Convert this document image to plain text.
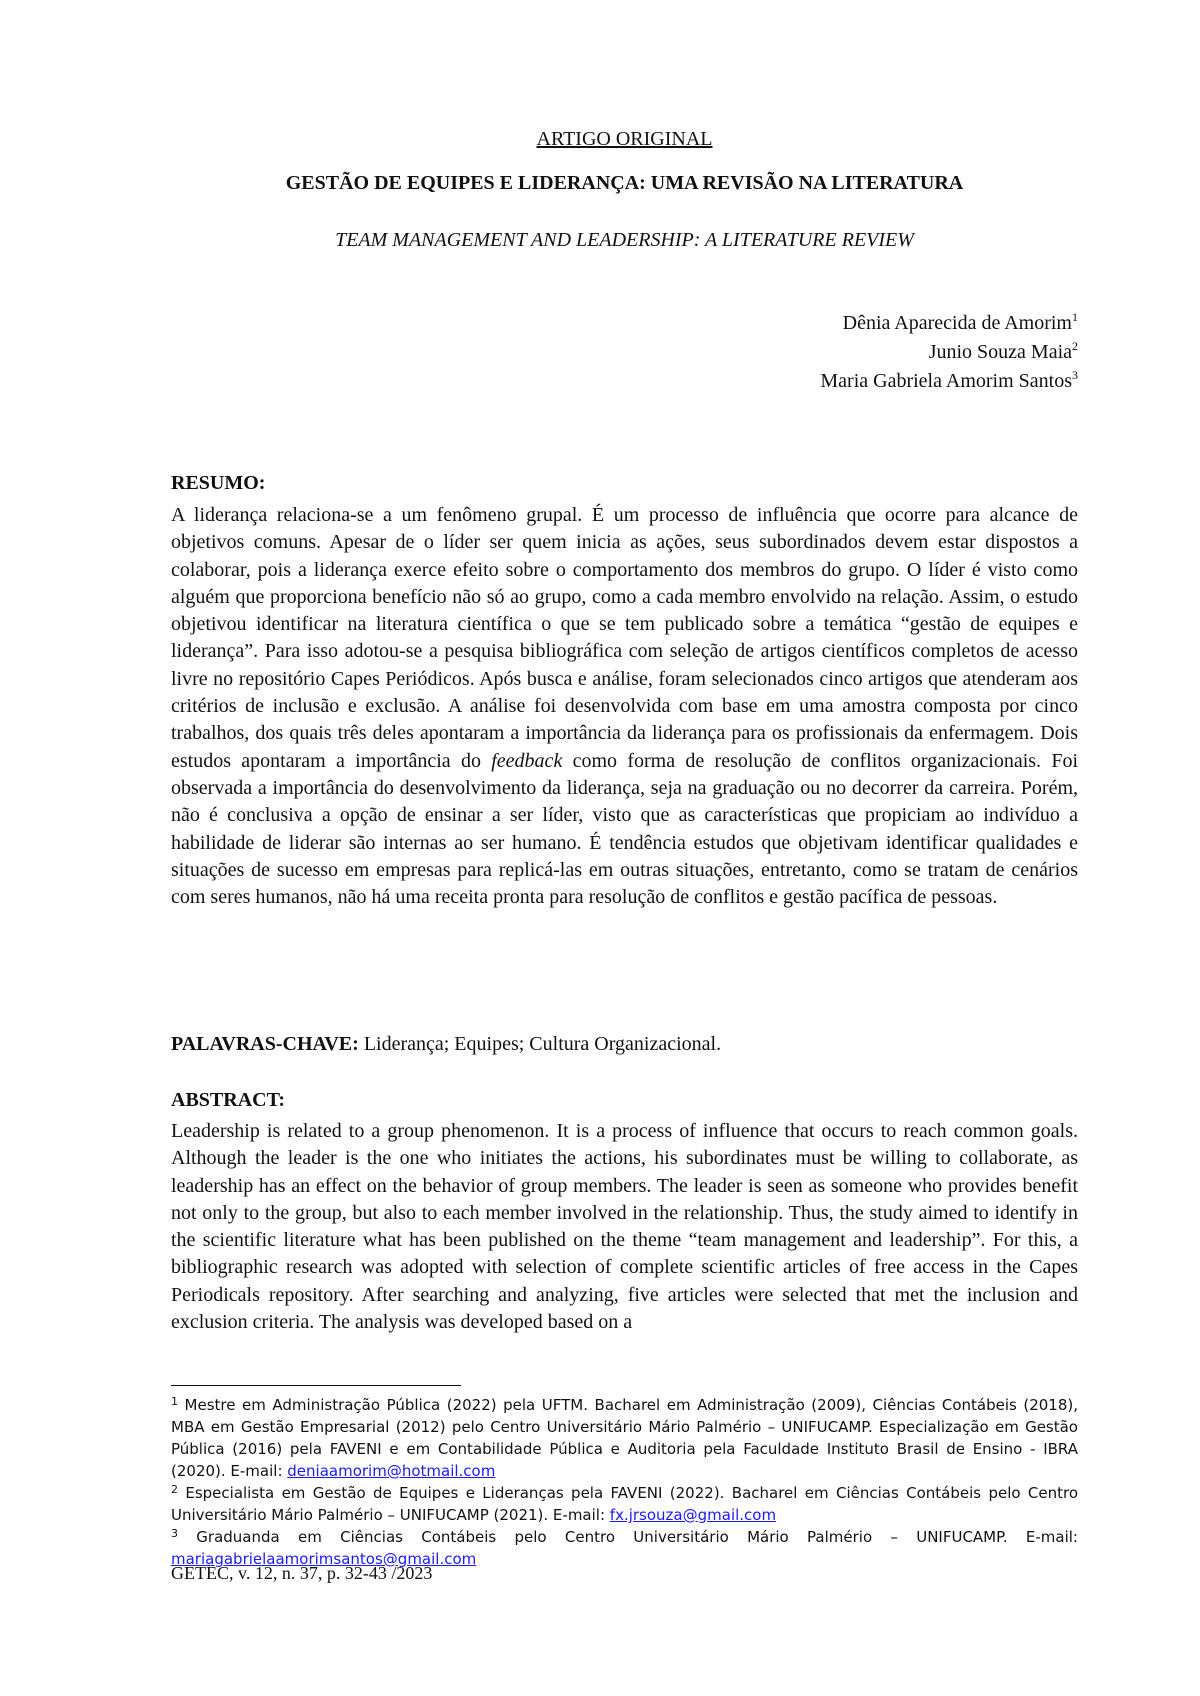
ARTIGO ORIGINAL
GESTÃO DE EQUIPES E LIDERANÇA: UMA REVISÃO NA LITERATURA
TEAM MANAGEMENT AND LEADERSHIP: A LITERATURE REVIEW
Dênia Aparecida de Amorim$^1$
Junio Souza Maia$^2$
Maria Gabriela Amorim Santos$^3$
RESUMO:
A liderança relaciona-se a um fenômeno grupal. É um processo de influência que ocorre para alcance de objetivos comuns. Apesar de o líder ser quem inicia as ações, seus subordinados devem estar dispostos a colaborar, pois a liderança exerce efeito sobre o comportamento dos membros do grupo. O líder é visto como alguém que proporciona benefício não só ao grupo, como a cada membro envolvido na relação. Assim, o estudo objetivou identificar na literatura científica o que se tem publicado sobre a temática “gestão de equipes e liderança”. Para isso adotou-se a pesquisa bibliográfica com seleção de artigos científicos completos de acesso livre no repositório Capes Periódicos. Após busca e análise, foram selecionados cinco artigos que atenderam aos critérios de inclusão e exclusão. A análise foi desenvolvida com base em uma amostra composta por cinco trabalhos, dos quais três deles apontaram a importância da liderança para os profissionais da enfermagem. Dois estudos apontaram a importância do feedback como forma de resolução de conflitos organizacionais. Foi observada a importância do desenvolvimento da liderança, seja na graduação ou no decorrer da carreira. Porém, não é conclusiva a opção de ensinar a ser líder, visto que as características que propiciam ao indivíduo a habilidade de liderar são internas ao ser humano. É tendência estudos que objetivam identificar qualidades e situações de sucesso em empresas para replicá-las em outras situações, entretanto, como se tratam de cenários com seres humanos, não há uma receita pronta para resolução de conflitos e gestão pacífica de pessoas.
PALAVRAS-CHAVE: Liderança; Equipes; Cultura Organizacional.
ABSTRACT:
Leadership is related to a group phenomenon. It is a process of influence that occurs to reach common goals. Although the leader is the one who initiates the actions, his subordinates must be willing to collaborate, as leadership has an effect on the behavior of group members. The leader is seen as someone who provides benefit not only to the group, but also to each member involved in the relationship. Thus, the study aimed to identify in the scientific literature what has been published on the theme “team management and leadership”. For this, a bibliographic research was adopted with selection of complete scientific articles of free access in the Capes Periodicals repository. After searching and analyzing, five articles were selected that met the inclusion and exclusion criteria. The analysis was developed based on a

$^1$ Mestre em Administração Pública (2022) pela UFTM. Bacharel em Administração (2009), Ciências Contábeis (2018), MBA em Gestão Empresarial (2012) pelo Centro Universitário Mário Palmério – UNIFUCAMP. Especialização em Gestão Pública (2016) pela FAVENI e em Contabilidade Pública e Auditoria pela Faculdade Instituto Brasil de Ensino - IBRA (2020). E-mail: deniaamorim@hotmail.com

$^2$ Especialista em Gestão de Equipes e Lideranças pela FAVENI (2022). Bacharel em Ciências Contábeis pelo Centro Universitário Mário Palmério – UNIFUCAMP (2021). E-mail: fx.jrsouza@gmail.com

$^3$ Graduanda em Ciências Contábeis pelo Centro Universitário Mário Palmério – UNIFUCAMP. E-mail: mariagabrielaamorimsantos@gmail.com

GETEC, v. 12, n. 37, p. 32-43 /2023
